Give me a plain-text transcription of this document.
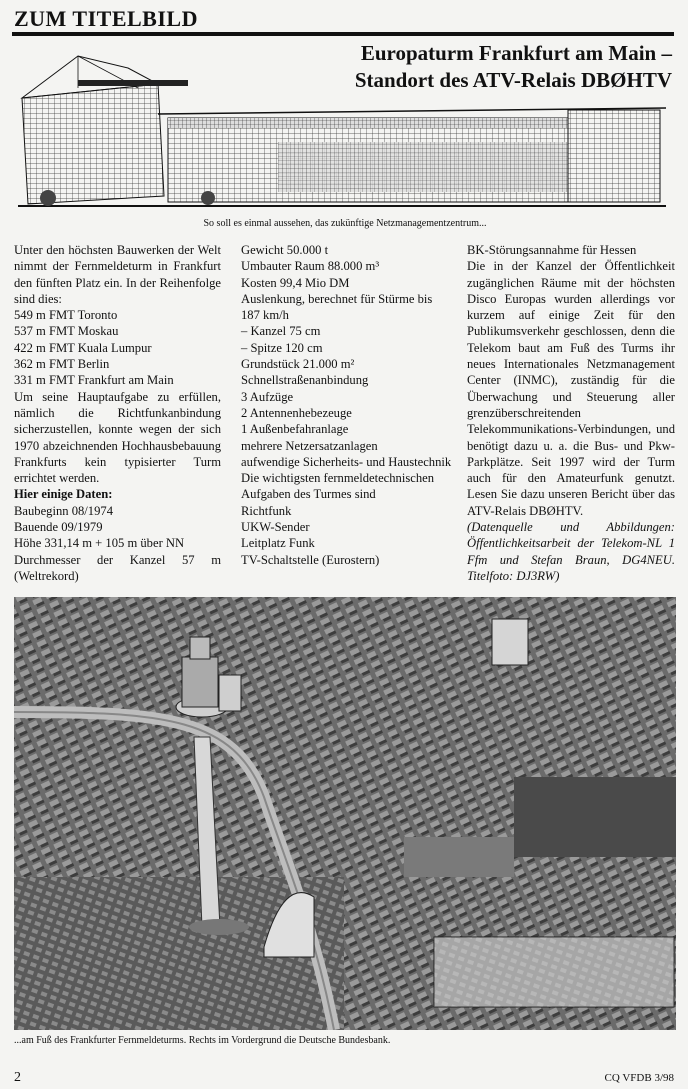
ZUM TITELBILD
Europaturm Frankfurt am Main –
Standort des ATV-Relais DBØHTV
So soll es einmal aussehen, das zukünftige Netzmanagementzentrum...

Unter den höchsten Bauwerken der Welt nimmt der Fernmeldeturm in Frankfurt den fünften Platz ein. In der Reihenfolge sind dies:

549 m FMT Toronto
537 m FMT Moskau
422 m FMT Kuala Lumpur
362 m FMT Berlin
331 m FMT Frankfurt am Main

Um seine Hauptaufgabe zu erfüllen, nämlich die Richtfunkanbindung sicherzustellen, konnte wegen der sich 1970 abzeichnenden Hochhausbebauung Frankfurts kein typisierter Turm errichtet werden.

Hier einige Daten:
Baubeginn 08/1974
Bauende 09/1979
Höhe 331,14 m + 105 m über NN
Durchmesser der Kanzel 57 m (Weltrekord)
Gewicht 50.000 t
Umbauter Raum 88.000 m³
Kosten 99,4 Mio DM
Auslenkung, berechnet für Stürme bis 187 km/h
– Kanzel 75 cm
– Spitze 120 cm
Grundstück 21.000 m²
Schnellstraßenanbindung
3 Aufzüge
2 Antennenhebezeuge
1 Außenbefahranlage
mehrere Netzersatzanlagen
aufwendige Sicherheits- und Haustechnik
Die wichtigsten fernmeldetechnischen Aufgaben des Turmes sind
Richtfunk
UKW-Sender
Leitplatz Funk
TV-Schaltstelle (Eurostern)
BK-Störungsannahme für Hessen

Die in der Kanzel der Öffentlichkeit zugänglichen Räume mit der höchsten Disco Europas wurden allerdings vor kurzem auf einige Zeit für den Publikumsverkehr geschlossen, denn die Telekom baut am Fuß des Turms ihr neues Internationales Netzmanagement Center (INMC), zuständig für die Überwachung und Steuerung aller grenzüberschreitenden Telekommunikations-Verbindungen, und benötigt dazu u. a. die Bus- und Pkw-Parkplätze. Seit 1997 wird der Turm auch für den Amateurfunk genutzt. Lesen Sie dazu unseren Bericht über das ATV-Relais DBØHTV.

(Datenquelle und Abbildungen: Öffentlichkeitsarbeit der Telekom-NL 1 Ffm und Stefan Braun, DG4NEU. Titelfoto: DJ3RW)

...am Fuß des Frankfurter Fernmeldeturms. Rechts im Vordergrund die Deutsche Bundesbank.
2	CQ VFDB 3/98
